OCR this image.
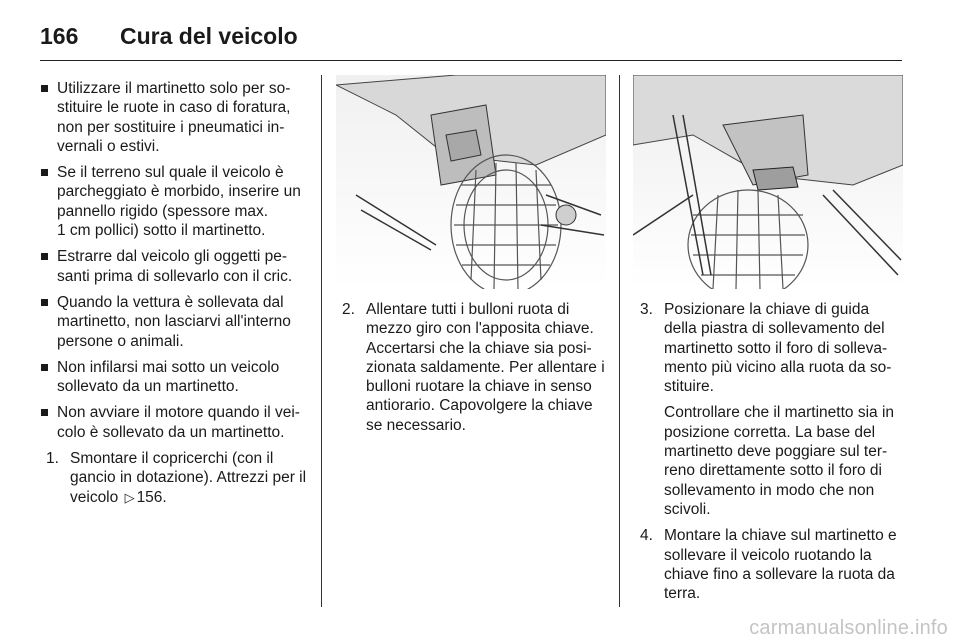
166	Cura del veicolo
Utilizzare il martinetto solo per so-stituire le ruote in caso di foratura, non per sostituire i pneumatici in-vernali o estivi.
Se il terreno sul quale il veicolo è parcheggiato è morbido, inserire un pannello rigido (spessore max.
1 cm pollici) sotto il martinetto.
Estrarre dal veicolo gli oggetti pe-santi prima di sollevarlo con il cric.
Quando la vettura è sollevata dal martinetto, non lasciarvi all'interno persone o animali.
Non infilarsi mai sotto un veicolo sollevato da un martinetto.
Non avviare il motore quando il vei-colo è sollevato da un martinetto.
1. Smontare il copricerchi (con il gancio in dotazione). Attrezzi per il veicolo ▷ 156.
2. Allentare tutti i bulloni ruota di mezzo giro con l'apposita chiave. Accertarsi che la chiave sia posi-zionata saldamente. Per allentare i bulloni ruotare la chiave in senso antiorario. Capovolgere la chiave se necessario.
3. Posizionare la chiave di guida della piastra di sollevamento del martinetto sotto il foro di solleva-mento più vicino alla ruota da so-stituire.
Controllare che il martinetto sia in posizione corretta. La base del martinetto deve poggiare sul ter-reno direttamente sotto il foro di sollevamento in modo che non scivoli.
4. Montare la chiave sul martinetto e sollevare il veicolo ruotando la chiave fino a sollevare la ruota da terra.
carmanualsonline.info
